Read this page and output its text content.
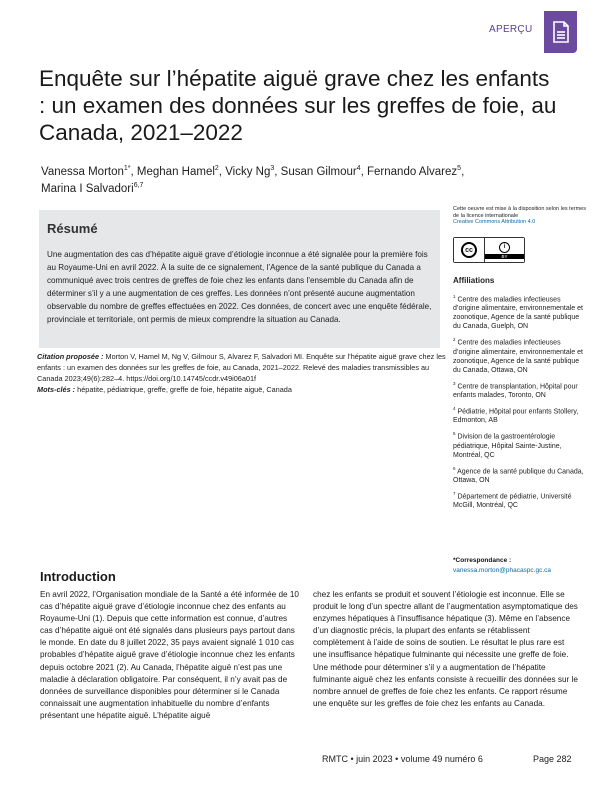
APERÇU
Enquête sur l’hépatite aiguë grave chez les enfants : un examen des données sur les greffes de foie, au Canada, 2021–2022
Vanessa Morton$^{1*}$, Meghan Hamel$^2$, Vicky Ng$^3$, Susan Gilmour$^4$, Fernando Alvarez$^5$,
Marina I Salvadori$^{6,7}$
Résumé
Une augmentation des cas d’hépatite aiguë grave d’étiologie inconnue a été signalée pour la première fois au Royaume-Uni en avril 2022. À la suite de ce signalement, l’Agence de la santé publique du Canada a communiqué avec trois centres de greffes de foie chez les enfants dans l’ensemble du Canada afin de déterminer s’il y a une augmentation de ces greffes. Les données n’ont présenté aucune augmentation observable du nombre de greffes effectuées en 2022. Ces données, de concert avec une enquête fédérale, provinciale et territoriale, ont permis de mieux comprendre la situation au Canada.
Citation proposée : Morton V, Hamel M, Ng V, Gilmour S, Alvarez F, Salvadori MI. Enquête sur l’hépatite aiguë grave chez les enfants : un examen des données sur les greffes de foie, au Canada, 2021–2022. Relevé des maladies transmissibles au Canada 2023;49(6):282–4. https://doi.org/10.14745/ccdr.v49i06a01f
Mots-clés : hépatite, pédiatrique, greffe, greffe de foie, hépatite aiguë, Canada
Cette oeuvre est mise à la disposition selon les termes de la licence internationale
Creative Commons Attribution 4.0
cc	i
BY
Affiliations
$^1$ Centre des maladies infectieuses d’origine alimentaire, environnementale et zoonotique, Agence de la santé publique du Canada, Guelph, ON
$^2$ Centre des maladies infectieuses d’origine alimentaire, environnementale et zoonotique, Agence de la santé publique du Canada, Ottawa, ON
$^3$ Centre de transplantation, Hôpital pour enfants malades, Toronto, ON
$^4$ Pédiatrie, Hôpital pour enfants Stollery, Edmonton, AB
$^5$ Division de la gastroentérologie pédiatrique, Hôpital Sainte-Justine, Montréal, QC
$^6$ Agence de la santé publique du Canada, Ottawa, ON
$^7$ Département de pédiatrie, Université McGill, Montréal, QC
*Correspondance :
vanessa.morton@phacaspc.gc.ca
Introduction
En avril 2022, l’Organisation mondiale de la Santé a été informée de 10 cas d’hépatite aiguë grave d’étiologie inconnue chez des enfants au Royaume-Uni (1). Depuis que cette information est connue, d’autres cas d’hépatite aiguë ont été signalés dans plusieurs pays partout dans le monde. En date du 8 juillet 2022, 35 pays avaient signalé 1 010 cas probables d’hépatite aiguë grave d’étiologie inconnue chez les enfants depuis octobre 2021 (2). Au Canada, l’hépatite aiguë n’est pas une maladie à déclaration obligatoire. Par conséquent, il n’y avait pas de données de surveillance disponibles pour déterminer si le Canada connaissait une augmentation inhabituelle du nombre d’enfants présentant une hépatite aiguë. L’hépatite aiguë
chez les enfants se produit et souvent l’étiologie est inconnue. Elle se produit le long d’un spectre allant de l’augmentation asymptomatique des enzymes hépatiques à l’insuffisance hépatique (3). Même en l’absence d’un diagnostic précis, la plupart des enfants se rétablissent complètement à l’aide de soins de soutien. Le résultat le plus rare est une insuffisance hépatique fulminante qui nécessite une greffe de foie. Une méthode pour déterminer s’il y a augmentation de l’hépatite fulminante aiguë chez les enfants consiste à recueillir des données sur le nombre annuel de greffes de foie chez les enfants. Ce rapport résume une enquête sur les greffes de foie chez les enfants au Canada.
RMTC • juin 2023 • volume 49 numéro 6	Page 282
